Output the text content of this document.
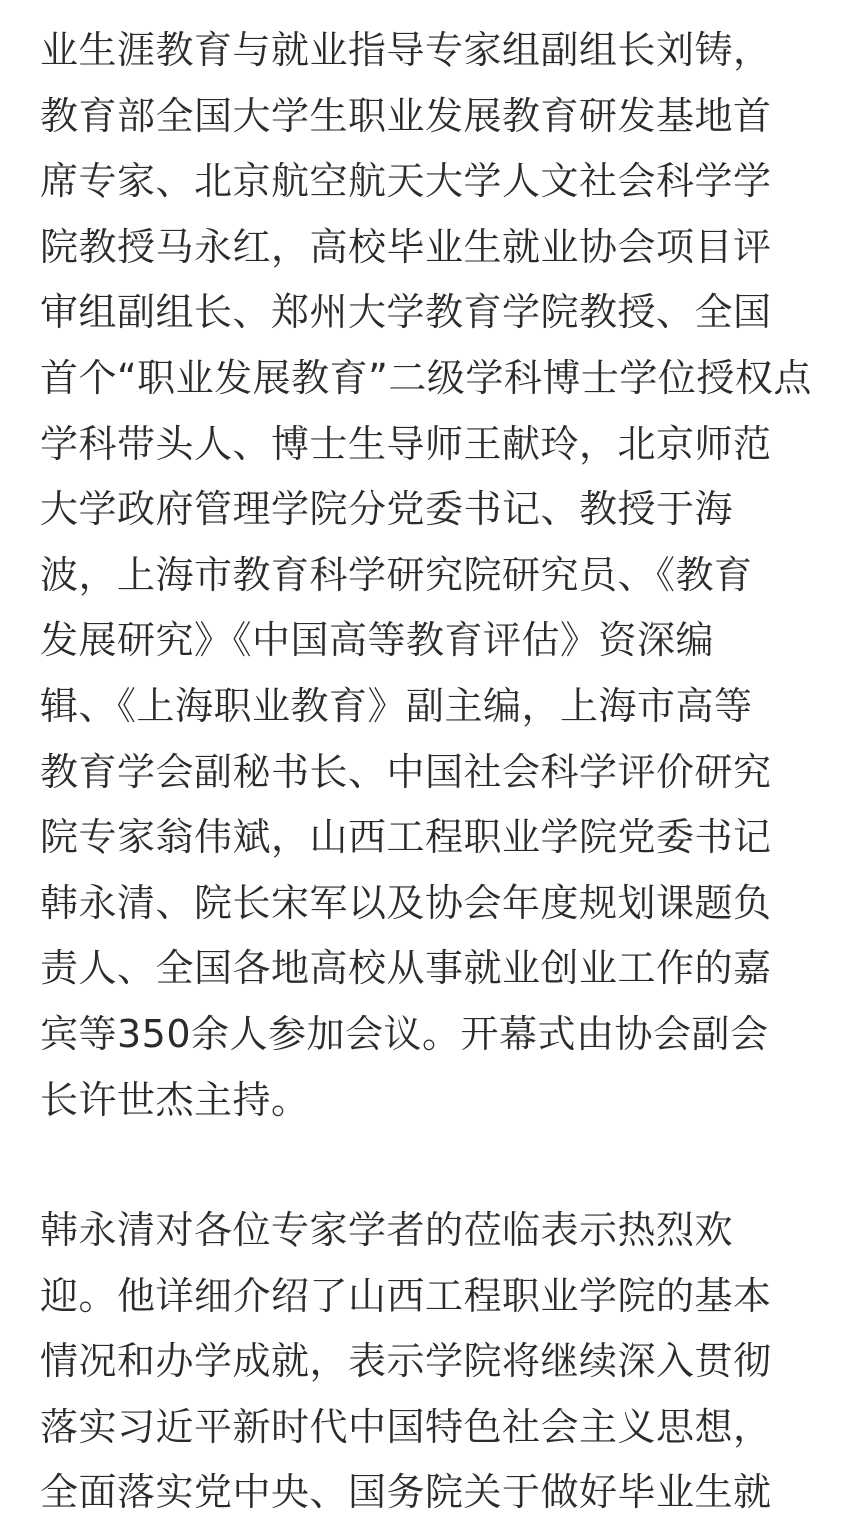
业生涯教育与就业指导专家组副组长刘铸，
教育部全国大学生职业发展教育研发基地首
席专家、北京航空航天大学人文社会科学学
院教授马永红，高校毕业生就业协会项目评
审组副组长、郑州大学教育学院教授、全国
首个“职业发展教育”二级学科博士学位授权点
学科带头人、博士生导师王献玲，北京师范
大学政府管理学院分党委书记、教授于海
波，上海市教育科学研究院研究员、《教育
发展研究》《中国高等教育评估》资深编
辑、《上海职业教育》副主编，上海市高等
教育学会副秘书长、中国社会科学评价研究
院专家翁伟斌，山西工程职业学院党委书记
韩永清、院长宋军以及协会年度规划课题负
责人、全国各地高校从事就业创业工作的嘉
宾等350余人参加会议。开幕式由协会副会
长许世杰主持。
韩永清对各位专家学者的莅临表示热烈欢
迎。他详细介绍了山西工程职业学院的基本
情况和办学成就，表示学院将继续深入贯彻
落实习近平新时代中国特色社会主义思想，
全面落实党中央、国务院关于做好毕业生就
